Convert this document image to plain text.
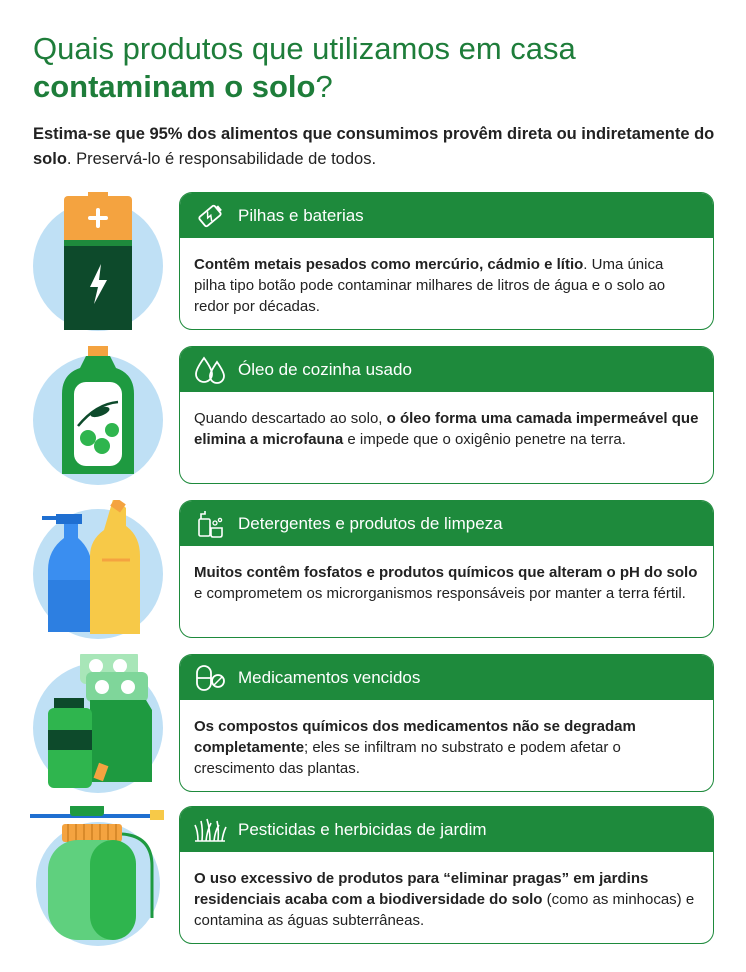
Quais produtos que utilizamos em casa
contaminam o solo?

Estima-se que 95% dos alimentos que consumimos provêm direta ou indiretamente do solo. Preservá-lo é responsabilidade de todos.

Pilhas e baterias
Contêm metais pesados como mercúrio, cádmio e lítio. Uma única pilha tipo botão pode contaminar milhares de litros de água e o solo ao redor por décadas.
Óleo de cozinha usado
Quando descartado ao solo, o óleo forma uma camada impermeável que elimina a microfauna e impede que o oxigênio penetre na terra.
Detergentes e produtos de limpeza
Muitos contêm fosfatos e produtos químicos que alteram o pH do solo e comprometem os microrganismos responsáveis por manter a terra fértil.
Medicamentos vencidos
Os compostos químicos dos medicamentos não se degradam completamente; eles se infiltram no substrato e podem afetar o crescimento das plantas.
Pesticidas e herbicidas de jardim
O uso excessivo de produtos para “eliminar pragas” em jardins residenciais acaba com a biodiversidade do solo (como as minhocas) e contamina as águas subterrâneas.
